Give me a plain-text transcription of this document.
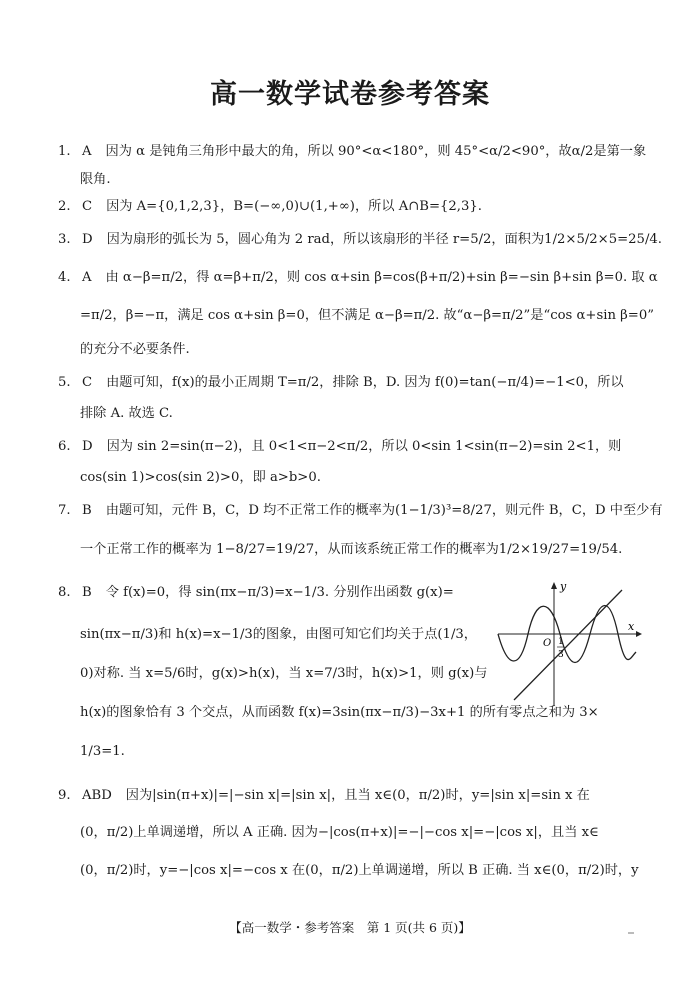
高一数学试卷参考答案
1. A 因为 α 是钝角三角形中最大的角，所以 90°<α<180°，则 45°<α/2<90°，故α/2是第一象
限角.
2. C 因为 A={0,1,2,3}，B=(−∞,0)∪(1,+∞)，所以 A∩B={2,3}.
3. D 因为扇形的弧长为 5，圆心角为 2 rad，所以该扇形的半径 r=5/2，面积为1/2×5/2×5=25/4.
4. A 由 α−β=π/2，得 α=β+π/2，则 cos α+sin β=cos(β+π/2)+sin β=−sin β+sin β=0. 取 α
=π/2，β=−π，满足 cos α+sin β=0，但不满足 α−β=π/2. 故“α−β=π/2”是“cos α+sin β=0”
的充分不必要条件.
5. C 由题可知，f(x)的最小正周期 T=π/2，排除 B，D. 因为 f(0)=tan(−π/4)=−1<0，所以
排除 A. 故选 C.
6. D 因为 sin 2=sin(π−2)，且 0<1<π−2<π/2，所以 0<sin 1<sin(π−2)=sin 2<1，则
cos(sin 1)>cos(sin 2)>0，即 a>b>0.
7. B 由题可知，元件 B，C，D 均不正常工作的概率为(1−1/3)³=8/27，则元件 B，C，D 中至少有
一个正常工作的概率为 1−8/27=19/27，从而该系统正常工作的概率为1/2×19/27=19/54.
8. B 令 f(x)=0，得 sin(πx−π/3)=x−1/3. 分别作出函数 g(x)=
sin(πx−π/3)和 h(x)=x−1/3的图象，由图可知它们均关于点(1/3，
0)对称. 当 x=5/6时，g(x)>h(x)，当 x=7/3时，h(x)>1，则 g(x)与
h(x)的图象恰有 3 个交点，从而函数 f(x)=3sin(πx−π/3)−3x+1 的所有零点之和为 3×
1/3=1.
9. ABD 因为|sin(π+x)|=|−sin x|=|sin x|，且当 x∈(0，π/2)时，y=|sin x|=sin x 在
(0，π/2)上单调递增，所以 A 正确. 因为−|cos(π+x)|=−|−cos x|=−|cos x|，且当 x∈
(0，π/2)时，y=−|cos x|=−cos x 在(0，π/2)上单调递增，所以 B 正确. 当 x∈(0，π/2)时，y
y
x
O 1
3
【高一数学・参考答案　第 1 页(共 6 页)】
